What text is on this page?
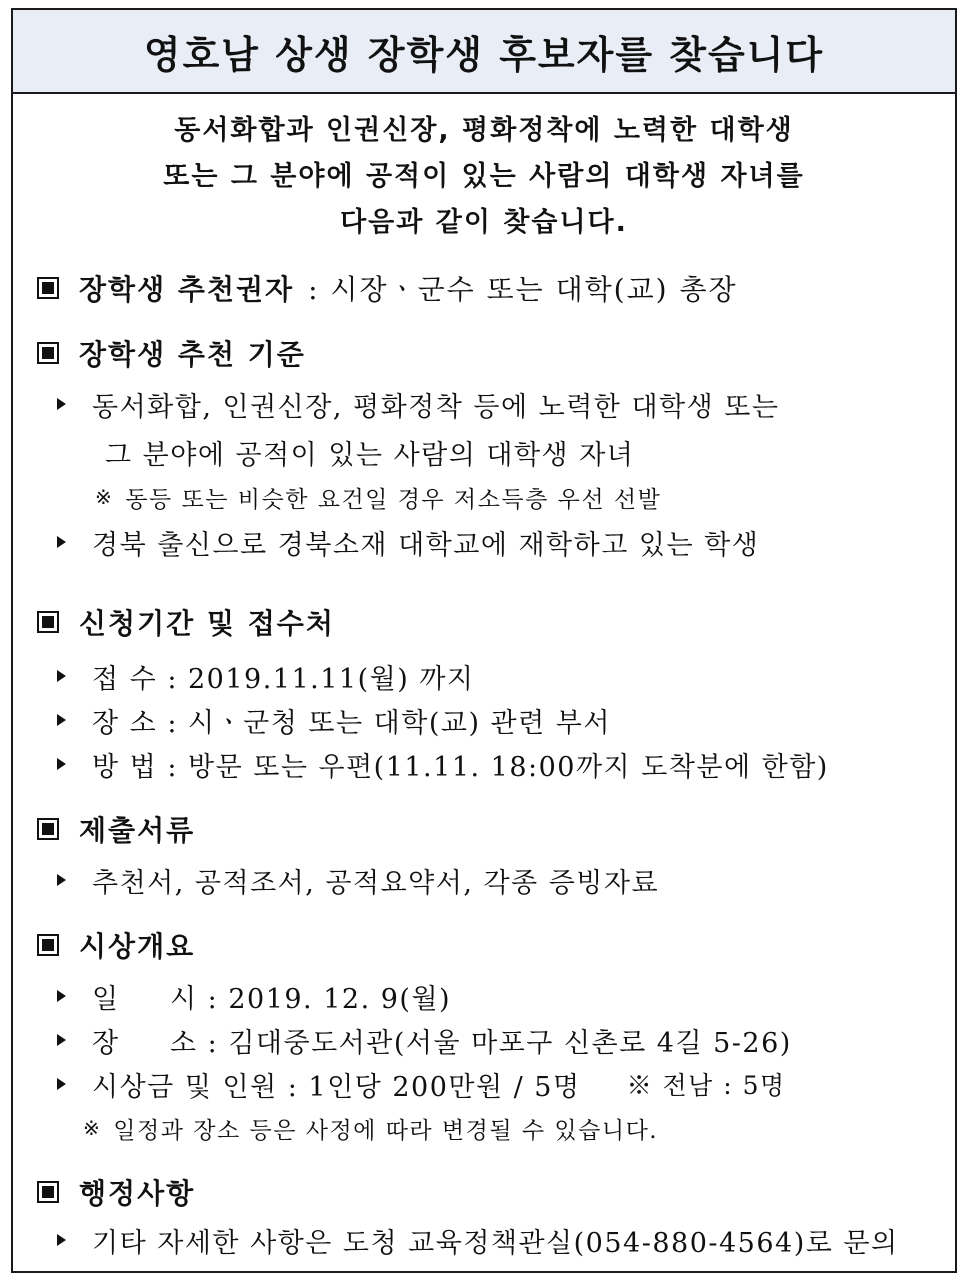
영호남 상생 장학생 후보자를 찾습니다
동서화합과 인권신장, 평화정착에 노력한 대학생
또는 그 분야에 공적이 있는 사람의 대학생 자녀를
다음과 같이 찾습니다.
장학생 추천권자 : 시장ㆍ군수 또는 대학(교) 총장
장학생 추천 기준
동서화합, 인권신장, 평화정착 등에 노력한 대학생 또는
그 분야에 공적이 있는 사람의 대학생 자녀
※ 동등 또는 비슷한 요건일 경우 저소득층 우선 선발
경북 출신으로 경북소재 대학교에 재학하고 있는 학생
신청기간 및 접수처
접 수 : 2019.11.11(월) 까지
장 소 : 시ㆍ군청 또는 대학(교) 관련 부서
방 법 : 방문 또는 우편(11.11. 18:00까지 도착분에 한함)
제출서류
추천서, 공적조서, 공적요약서, 각종 증빙자료
시상개요
일     시 : 2019. 12. 9(월)
장     소 : 김대중도서관(서울 마포구 신촌로 4길 5-26)
시상금 및 인원 : 1인당 200만원 / 5명 ※ 전남 : 5명
※ 일정과 장소 등은 사정에 따라 변경될 수 있습니다.
행정사항
기타 자세한 사항은 도청 교육정책관실(054-880-4564)로 문의
